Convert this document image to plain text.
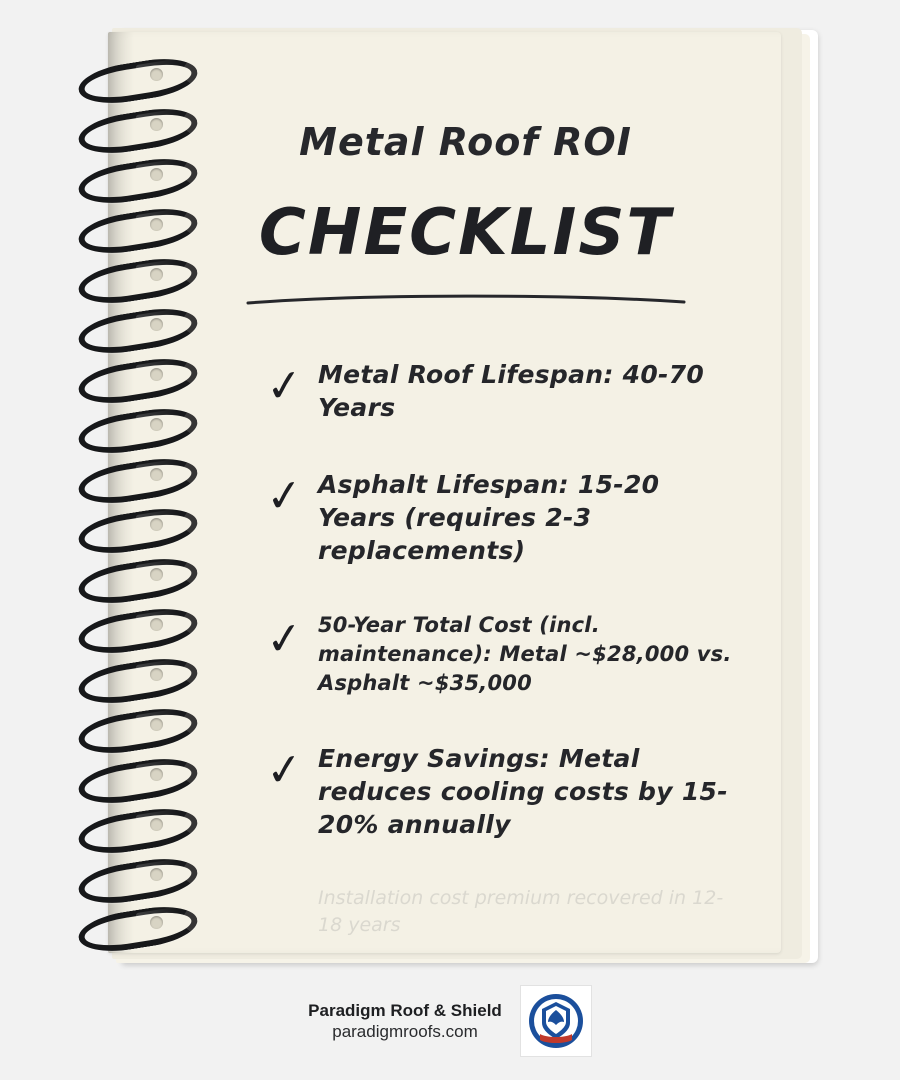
Metal Roof ROI
CHECKLIST
✓ Metal Roof Lifespan: 40-70 Years
✓ Asphalt Lifespan: 15-20 Years (requires 2-3 replacements)
✓ 50-Year Total Cost (incl. maintenance): Metal ~$28,000 vs. Asphalt ~$35,000
✓ Energy Savings: Metal reduces cooling costs by 15-20% annually
Installation cost premium recovered in 12-18 years
Paradigm Roof & Shield
paradigmroofs.com
